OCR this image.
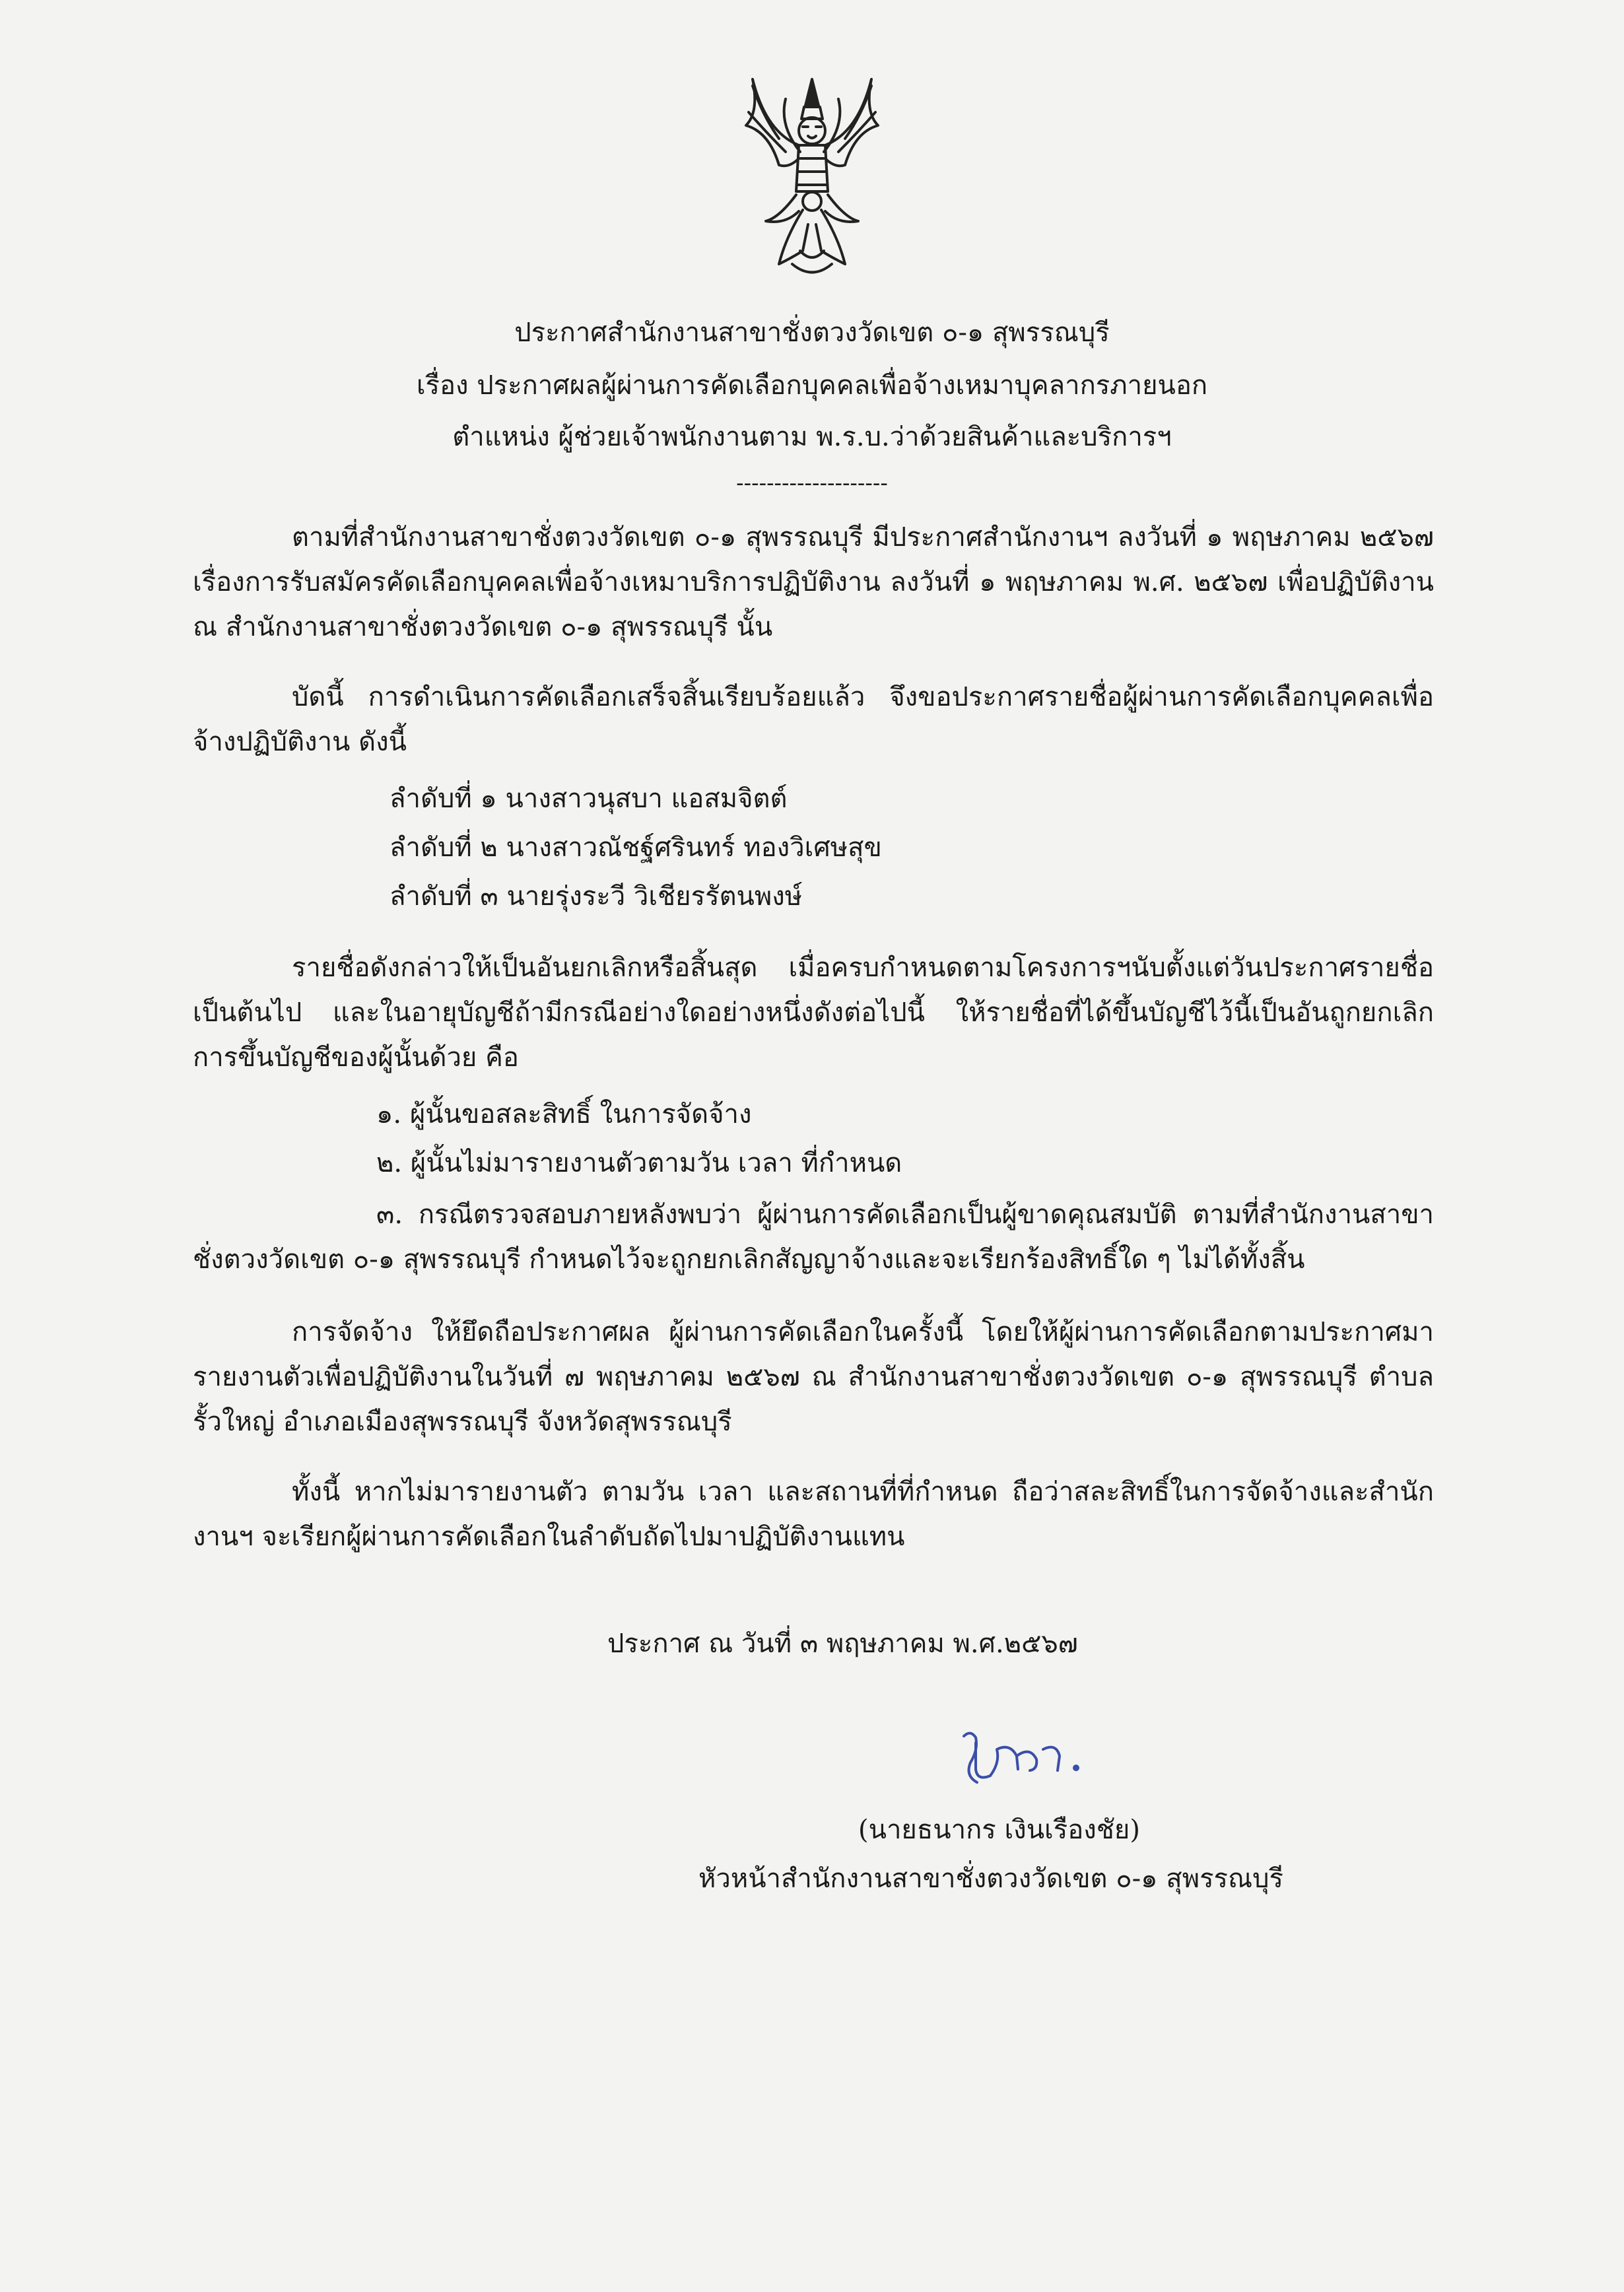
ประกาศสำนักงานสาขาชั่งตวงวัดเขต ๐-๑ สุพรรณบุรี
เรื่อง ประกาศผลผู้ผ่านการคัดเลือกบุคคลเพื่อจ้างเหมาบุคลากรภายนอก
ตำแหน่ง ผู้ช่วยเจ้าพนักงานตาม พ.ร.บ.ว่าด้วยสินค้าและบริการฯ
--------------------
ตามที่สำนักงานสาขาชั่งตวงวัดเขต ๐-๑ สุพรรณบุรี มีประกาศสำนักงานฯ ลงวันที่ ๑ พฤษภาคม ๒๕๖๗ เรื่องการรับสมัครคัดเลือกบุคคลเพื่อจ้างเหมาบริการปฏิบัติงาน ลงวันที่ ๑ พฤษภาคม พ.ศ. ๒๕๖๗ เพื่อปฏิบัติงาน ณ สำนักงานสาขาชั่งตวงวัดเขต ๐-๑ สุพรรณบุรี นั้น
บัดนี้ การดำเนินการคัดเลือกเสร็จสิ้นเรียบร้อยแล้ว จึงขอประกาศรายชื่อผู้ผ่านการคัดเลือกบุคคลเพื่อจ้างปฏิบัติงาน ดังนี้
ลำดับที่ ๑ นางสาวนุสบา แอสมจิตต์
ลำดับที่ ๒ นางสาวณัชฐ์ศรินทร์ ทองวิเศษสุข
ลำดับที่ ๓ นายรุ่งระวี วิเชียรรัตนพงษ์
รายชื่อดังกล่าวให้เป็นอันยกเลิกหรือสิ้นสุด เมื่อครบกำหนดตามโครงการฯนับตั้งแต่วันประกาศรายชื่อ เป็นต้นไป และในอายุบัญชีถ้ามีกรณีอย่างใดอย่างหนึ่งดังต่อไปนี้ ให้รายชื่อที่ได้ขึ้นบัญชีไว้นี้เป็นอันถูกยกเลิกการขึ้นบัญชีของผู้นั้นด้วย คือ
๑. ผู้นั้นขอสละสิทธิ์ ในการจัดจ้าง
๒. ผู้นั้นไม่มารายงานตัวตามวัน เวลา ที่กำหนด
๓. กรณีตรวจสอบภายหลังพบว่า ผู้ผ่านการคัดเลือกเป็นผู้ขาดคุณสมบัติ ตามที่สำนักงานสาขาชั่งตวงวัดเขต ๐-๑ สุพรรณบุรี กำหนดไว้จะถูกยกเลิกสัญญาจ้างและจะเรียกร้องสิทธิ์ใด ๆ ไม่ได้ทั้งสิ้น
การจัดจ้าง ให้ยึดถือประกาศผล ผู้ผ่านการคัดเลือกในครั้งนี้ โดยให้ผู้ผ่านการคัดเลือกตามประกาศมารายงานตัวเพื่อปฏิบัติงานในวันที่ ๗ พฤษภาคม ๒๕๖๗ ณ สำนักงานสาขาชั่งตวงวัดเขต ๐-๑ สุพรรณบุรี ตำบลรั้วใหญ่ อำเภอเมืองสุพรรณบุรี จังหวัดสุพรรณบุรี
ทั้งนี้ หากไม่มารายงานตัว ตามวัน เวลา และสถานที่ที่กำหนด ถือว่าสละสิทธิ์ในการจัดจ้างและสำนักงานฯ จะเรียกผู้ผ่านการคัดเลือกในลำดับถัดไปมาปฏิบัติงานแทน
ประกาศ ณ วันที่ ๓ พฤษภาคม พ.ศ.๒๕๖๗
(นายธนากร เงินเรืองชัย)
หัวหน้าสำนักงานสาขาชั่งตวงวัดเขต ๐-๑ สุพรรณบุรี
